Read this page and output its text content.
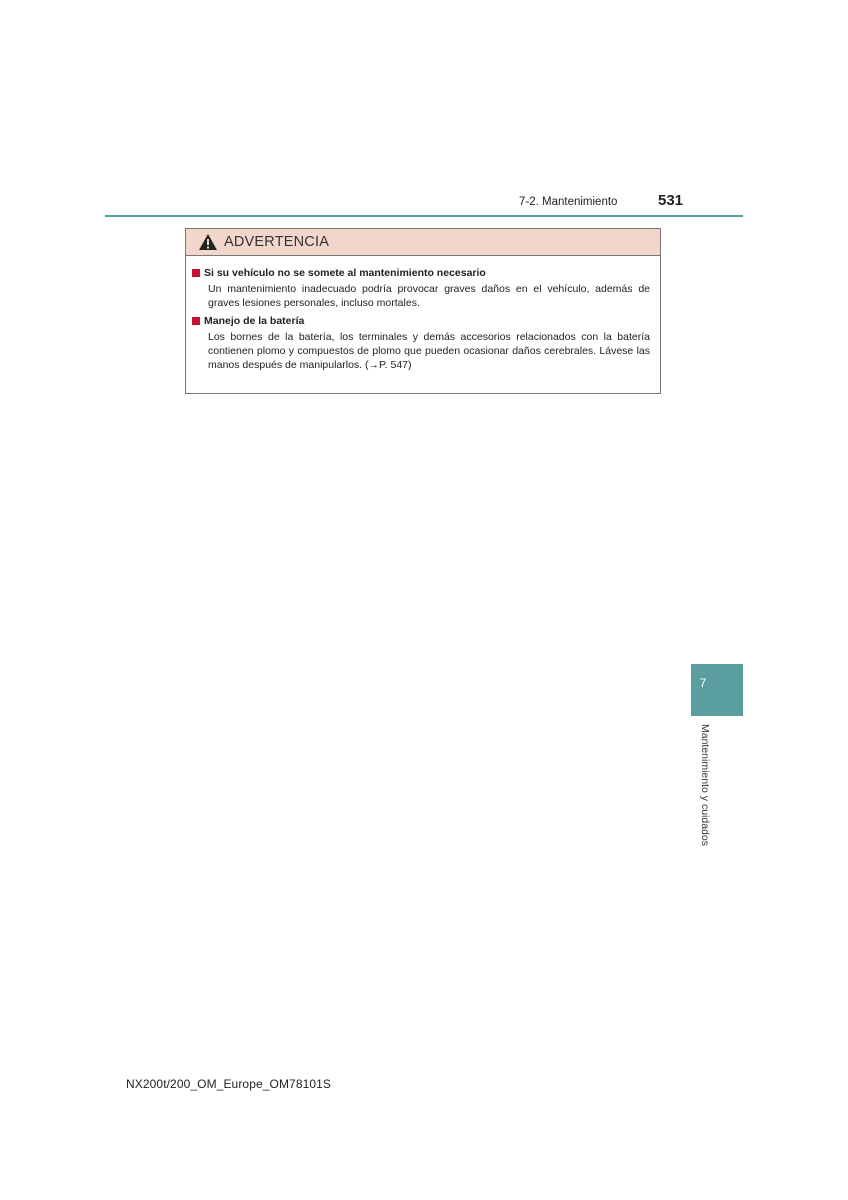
7-2. Mantenimiento	531
ADVERTENCIA
Si su vehículo no se somete al mantenimiento necesario
Un mantenimiento inadecuado podría provocar graves daños en el vehículo, además de graves lesiones personales, incluso mortales.
Manejo de la batería
Los bornes de la batería, los terminales y demás accesorios relacionados con la batería contienen plomo y compuestos de plomo que pueden ocasionar daños cerebrales. Lávese las manos después de manipularlos. (→P. 547)
7
Mantenimiento y cuidados
NX200t/200_OM_Europe_OM78101S
